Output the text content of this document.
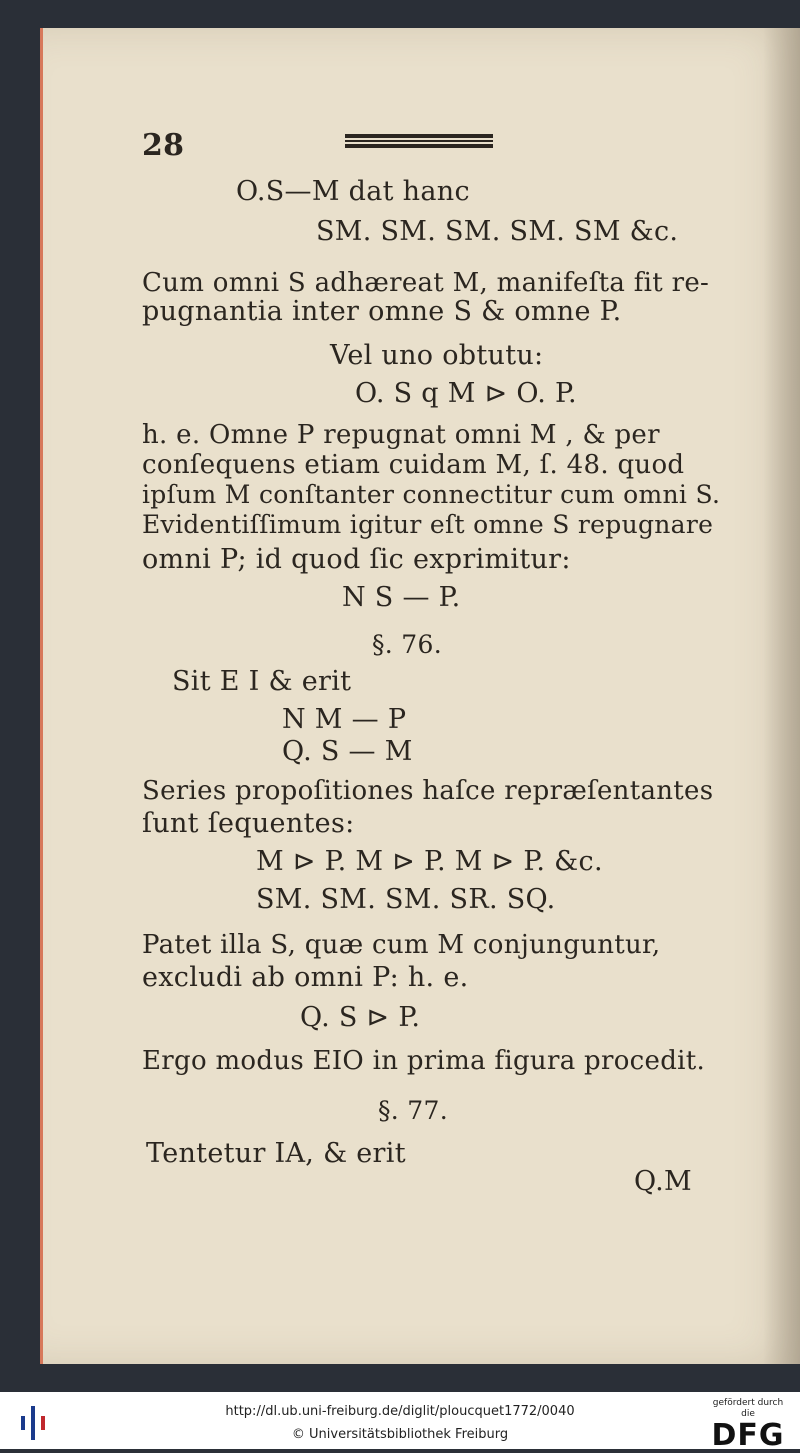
28
O.S—M dat hanc
SM. SM. SM. SM. SM &c.
Cum omni S adhæreat M, manifeſta fit re-
pugnantia inter omne S & omne P.
Vel uno obtutu:
O. S q M ⊳ O. P.
h. e. Omne P repugnat omni M , & per
conſequens etiam cuidam M, ſ. 48. quod
ipſum M conſtanter connectitur cum omni S.
Evidentiſſimum igitur eſt omne S repugnare
omni P; id quod ſic exprimitur:
N S — P.
§. 76.
Sit E I & erit
N M — P
Q. S — M
Series propoſitiones haſce repræſentantes
ſunt ſequentes:
M ⊳ P. M ⊳ P. M ⊳ P. &c.
SM. SM. SM. SR. SQ.
Patet illa S, quæ cum M conjunguntur,
excludi ab omni P: h. e.
Q. S ⊳ P.
Ergo modus EIO in prima figura procedit.
§. 77.
Tentetur IA, & erit
Q.M
http://dl.ub.uni-freiburg.de/diglit/ploucquet1772/0040
© Universitätsbibliothek Freiburg
gefördert durch die
DFG
